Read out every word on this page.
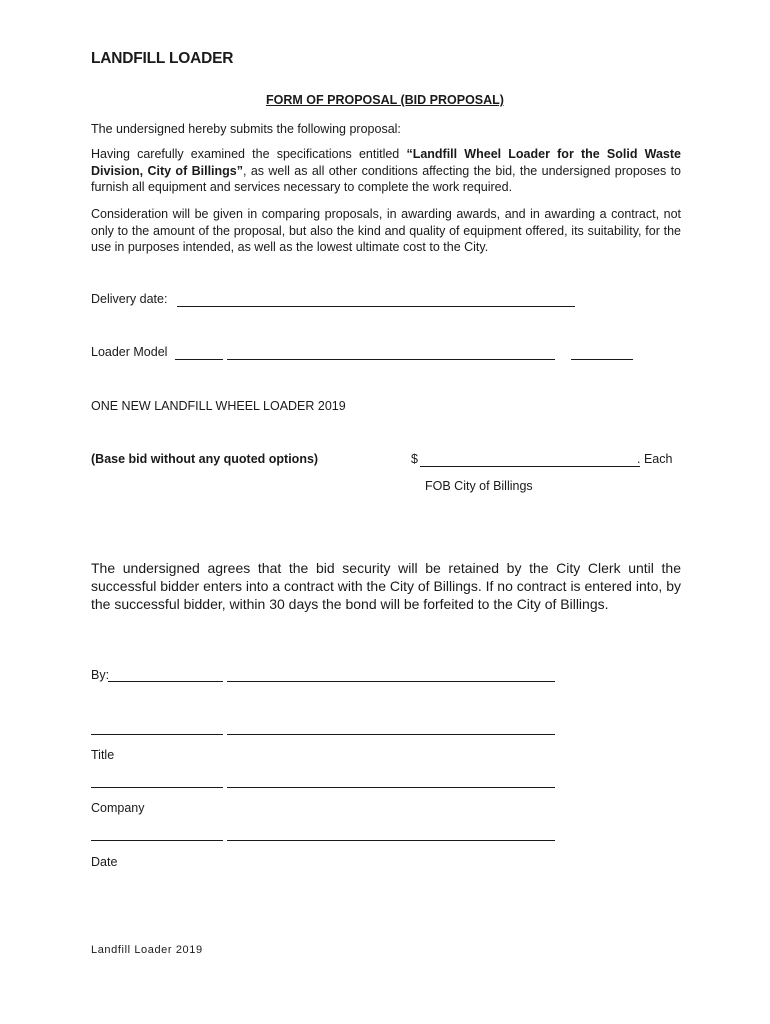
LANDFILL LOADER
FORM OF PROPOSAL (BID PROPOSAL)
The undersigned hereby submits the following proposal:
Having carefully examined the specifications entitled “Landfill Wheel Loader for the Solid Waste Division, City of Billings”, as well as all other conditions affecting the bid, the undersigned proposes to furnish all equipment and services necessary to complete the work required.
Consideration will be given in comparing proposals, in awarding awards, and in awarding a contract, not only to the amount of the proposal, but also the kind and quality of equipment offered, its suitability, for the use in purposes intended, as well as the lowest ultimate cost to the City.
Delivery date:
Loader Model
ONE NEW LANDFILL WHEEL LOADER 2019
(Base bid without any quoted options)	$	. Each
FOB City of Billings
The undersigned agrees that the bid security will be retained by the City Clerk until the successful bidder enters into a contract with the City of Billings. If no contract is entered into, by the successful bidder, within 30 days the bond will be forfeited to the City of Billings.
By:
Title
Company
Date
Landfill Loader 2019
